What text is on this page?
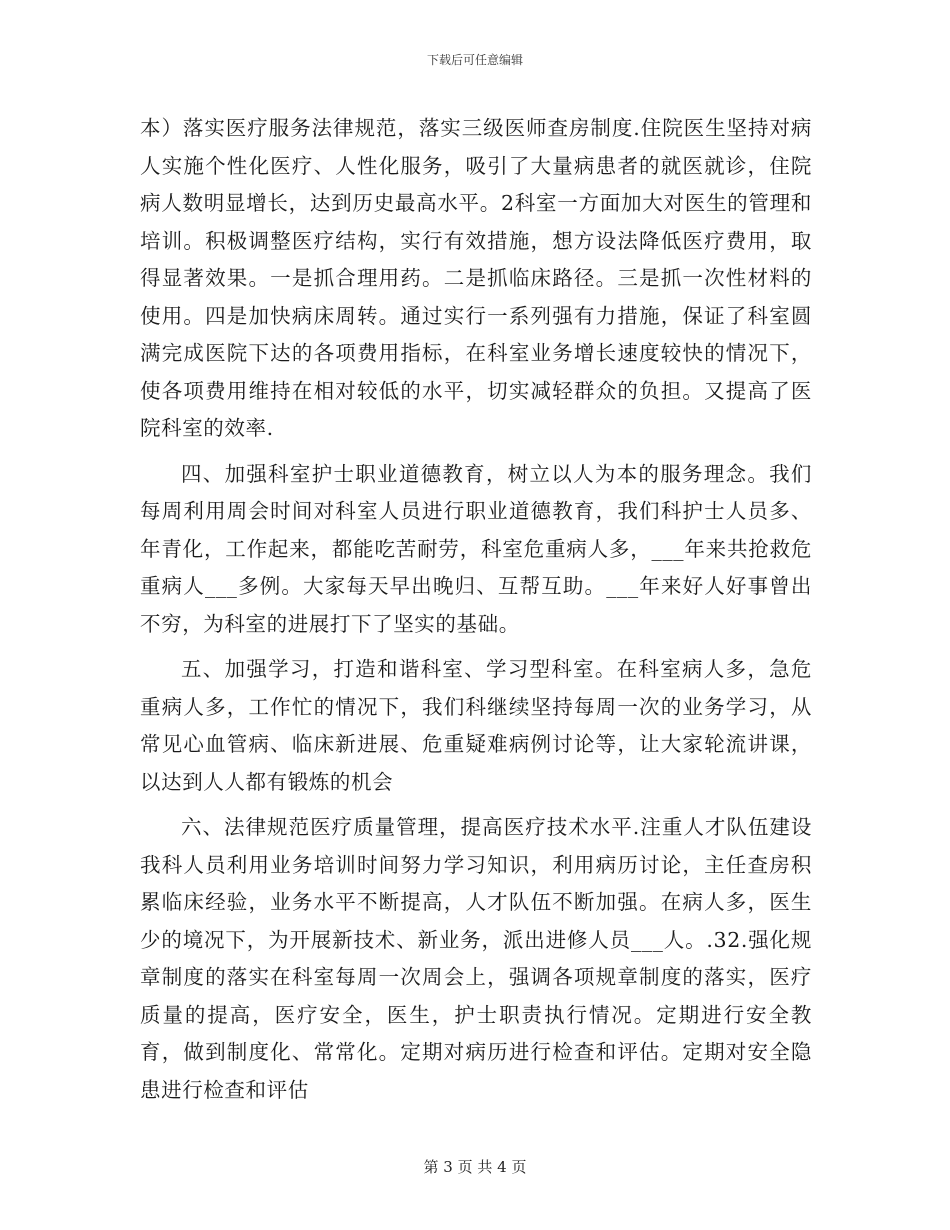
下载后可任意编辑

本）落实医疗服务法律规范，落实三级医师查房制度.住院医生坚持对病人实施个性化医疗、人性化服务，吸引了大量病患者的就医就诊，住院病人数明显增长，达到历史最高水平。2科室一方面加大对医生的管理和培训。积极调整医疗结构，实行有效措施，想方设法降低医疗费用，取得显著效果。一是抓合理用药。二是抓临床路径。三是抓一次性材料的使用。四是加快病床周转。通过实行一系列强有力措施，保证了科室圆满完成医院下达的各项费用指标，在科室业务增长速度较快的情况下，使各项费用维持在相对较低的水平，切实减轻群众的负担。又提高了医院科室的效率.

四、加强科室护士职业道德教育，树立以人为本的服务理念。我们每周利用周会时间对科室人员进行职业道德教育，我们科护士人员多、年青化，工作起来，都能吃苦耐劳，科室危重病人多，___年来共抢救危重病人___多例。大家每天早出晚归、互帮互助。___年来好人好事曾出不穷，为科室的进展打下了坚实的基础。

五、加强学习，打造和谐科室、学习型科室。在科室病人多，急危重病人多，工作忙的情况下，我们科继续坚持每周一次的业务学习，从常见心血管病、临床新进展、危重疑难病例讨论等，让大家轮流讲课，以达到人人都有锻炼的机会

六、法律规范医疗质量管理，提高医疗技术水平.注重人才队伍建设我科人员利用业务培训时间努力学习知识，利用病历讨论，主任查房积累临床经验，业务水平不断提高，人才队伍不断加强。在病人多，医生少的境况下，为开展新技术、新业务，派出进修人员___人。.32.强化规章制度的落实在科室每周一次周会上，强调各项规章制度的落实，医疗质量的提高，医疗安全，医生，护士职责执行情况。定期进行安全教育，做到制度化、常常化。定期对病历进行检查和评估。定期对安全隐患进行检查和评估

第 3 页 共 4 页
